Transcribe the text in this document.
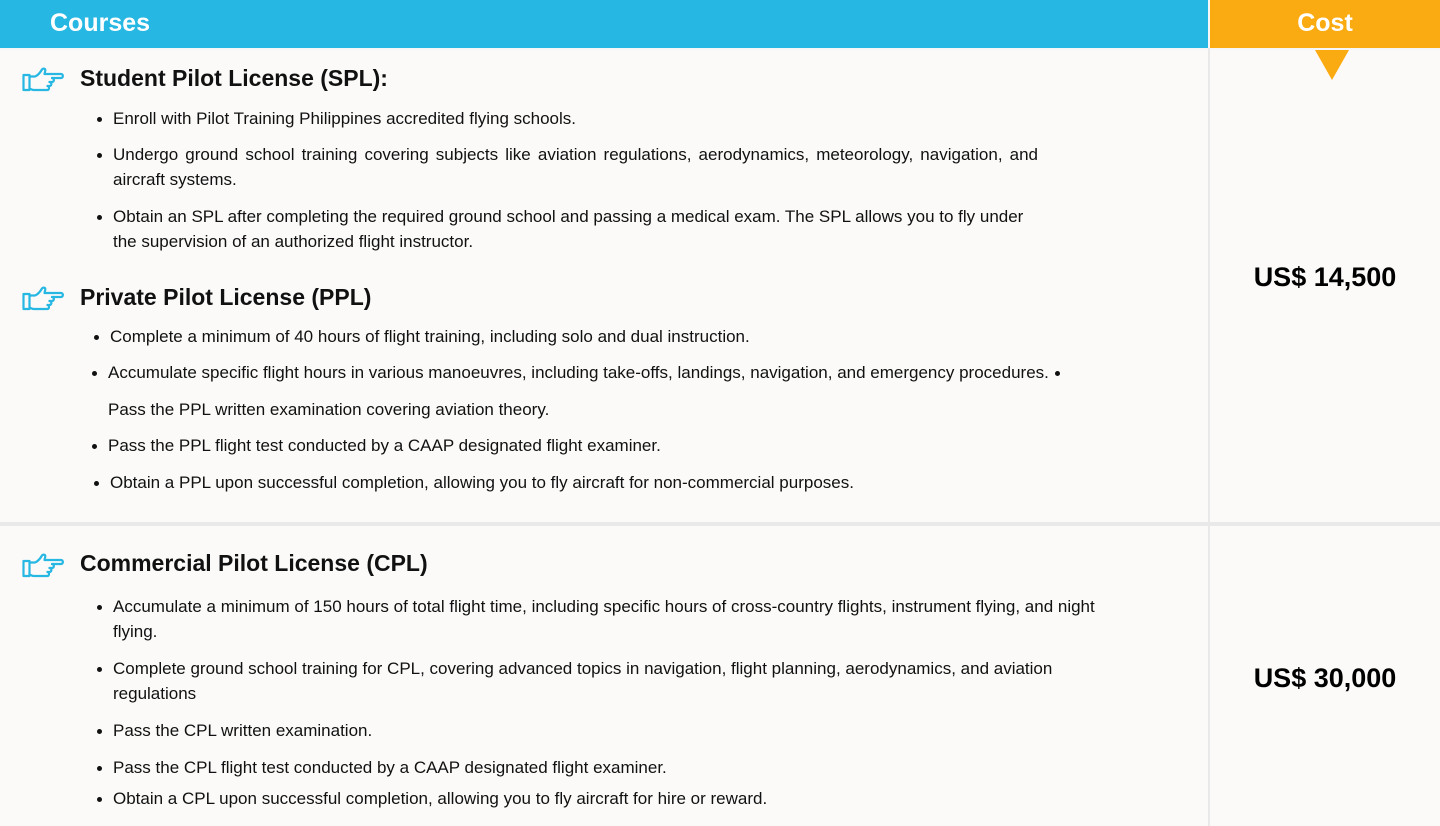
Courses	Cost
Student Pilot License (SPL):
Enroll with Pilot Training Philippines accredited flying schools.
Undergo ground school training covering subjects like aviation regulations, aerodynamics, meteorology, navigation, and aircraft systems.
Obtain an SPL after completing the required ground school and passing a medical exam. The SPL allows you to fly under the supervision of an authorized flight instructor.
Private Pilot License (PPL)
Complete a minimum of 40 hours of flight training, including solo and dual instruction.
Accumulate specific flight hours in various manoeuvres, including take-offs, landings, navigation, and emergency procedures.
Pass the PPL written examination covering aviation theory.
Pass the PPL flight test conducted by a CAAP designated flight examiner.
Obtain a PPL upon successful completion, allowing you to fly aircraft for non-commercial purposes.
US$ 14,500
Commercial Pilot License (CPL)
Accumulate a minimum of 150 hours of total flight time, including specific hours of cross-country flights, instrument flying, and night flying.
Complete ground school training for CPL, covering advanced topics in navigation, flight planning, aerodynamics, and aviation regulations
Pass the CPL written examination.
Pass the CPL flight test conducted by a CAAP designated flight examiner.
Obtain a CPL upon successful completion, allowing you to fly aircraft for hire or reward.
US$ 30,000
